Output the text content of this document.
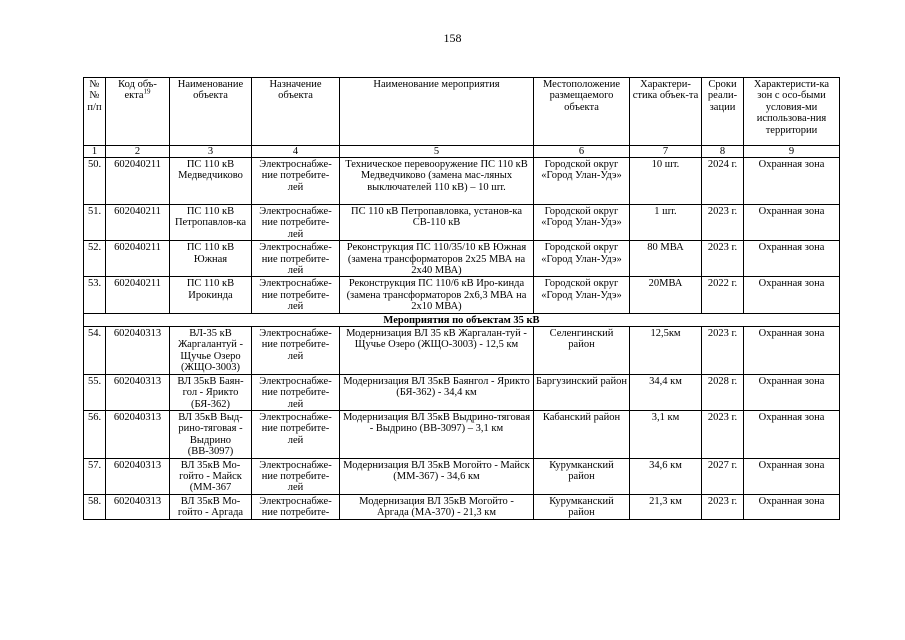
158
№ № п/п	Код объ-екта$^{19}$	Наименование объекта	Назначение объекта	Наименование мероприятия	Местоположение размещаемого объекта	Характери-стика объек-та	Сроки реали-зации	Характеристи-ка зон с осо-быми условия-ми использова-ния территории
1	2	3	4	5	6	7	8	9
50.	602040211	ПС 110 кВ Медведчиково	Электроснабже-ние потребите-лей	Техническое перевооружение ПС 110 кВ Медведчиково (замена мас-ляных выключателей 110 кВ) – 10 шт.	Городской округ «Город Улан-Удэ»	10 шт.	2024 г.	Охранная зона
51.	602040211	ПС 110 кВ Петропавлов-ка	Электроснабже-ние потребите-лей	ПС 110 кВ Петропавловка, установ-ка СВ-110 кВ	Городской округ «Город Улан-Удэ»	1 шт.	2023 г.	Охранная зона
52.	602040211	ПС 110 кВ Южная	Электроснабже-ние потребите-лей	Реконструкция ПС 110/35/10 кВ Южная (замена трансформаторов 2х25 МВА на 2х40 МВА)	Городской округ «Город Улан-Удэ»	80 МВА	2023 г.	Охранная зона
53.	602040211	ПС 110 кВ Ирокинда	Электроснабже-ние потребите-лей	Реконструкция ПС 110/6 кВ Иро-кинда (замена трансформаторов 2х6,3 МВА на 2х10 МВА)	Городской округ «Город Улан-Удэ»	20МВА	2022 г.	Охранная зона
Мероприятия по объектам 35 кВ								
54.	602040313	ВЛ-35 кВ Жаргалантуй - Щучье Озеро (ЖЩО-3003)	Электроснабже-ние потребите-лей	Модернизация ВЛ 35 кВ Жаргалан-туй - Щучье Озеро (ЖЩО-3003) - 12,5 км	Селенгинский район	12,5км	2023 г.	Охранная зона
55.	602040313	ВЛ 35кВ Баян-гол - Ярикто (БЯ-362)	Электроснабже-ние потребите-лей	Модернизация ВЛ 35кВ Баянгол - Ярикто (БЯ-362) - 34,4 км	Баргузинский район	34,4 км	2028 г.	Охранная зона
56.	602040313	ВЛ 35кВ Выд-рино-тяговая - Выдрино (ВВ-3097)	Электроснабже-ние потребите-лей	Модернизация ВЛ 35кВ Выдрино-тяговая - Выдрино (ВВ-3097) – 3,1 км	Кабанский район	3,1 км	2023 г.	Охранная зона
57.	602040313	ВЛ 35кВ Мо-гойто - Майск (ММ-367	Электроснабже-ние потребите-лей	Модернизация ВЛ 35кВ Могойто - Майск (ММ-367) - 34,6 км	Курумканский район	34,6 км	2027 г.	Охранная зона
58.	602040313	ВЛ 35кВ Мо-гойто - Аргада	Электроснабже-ние потребите-	Модернизация ВЛ 35кВ Могойто - Аргада (МА-370) - 21,3 км	Курумканский район	21,3 км	2023 г.	Охранная зона
